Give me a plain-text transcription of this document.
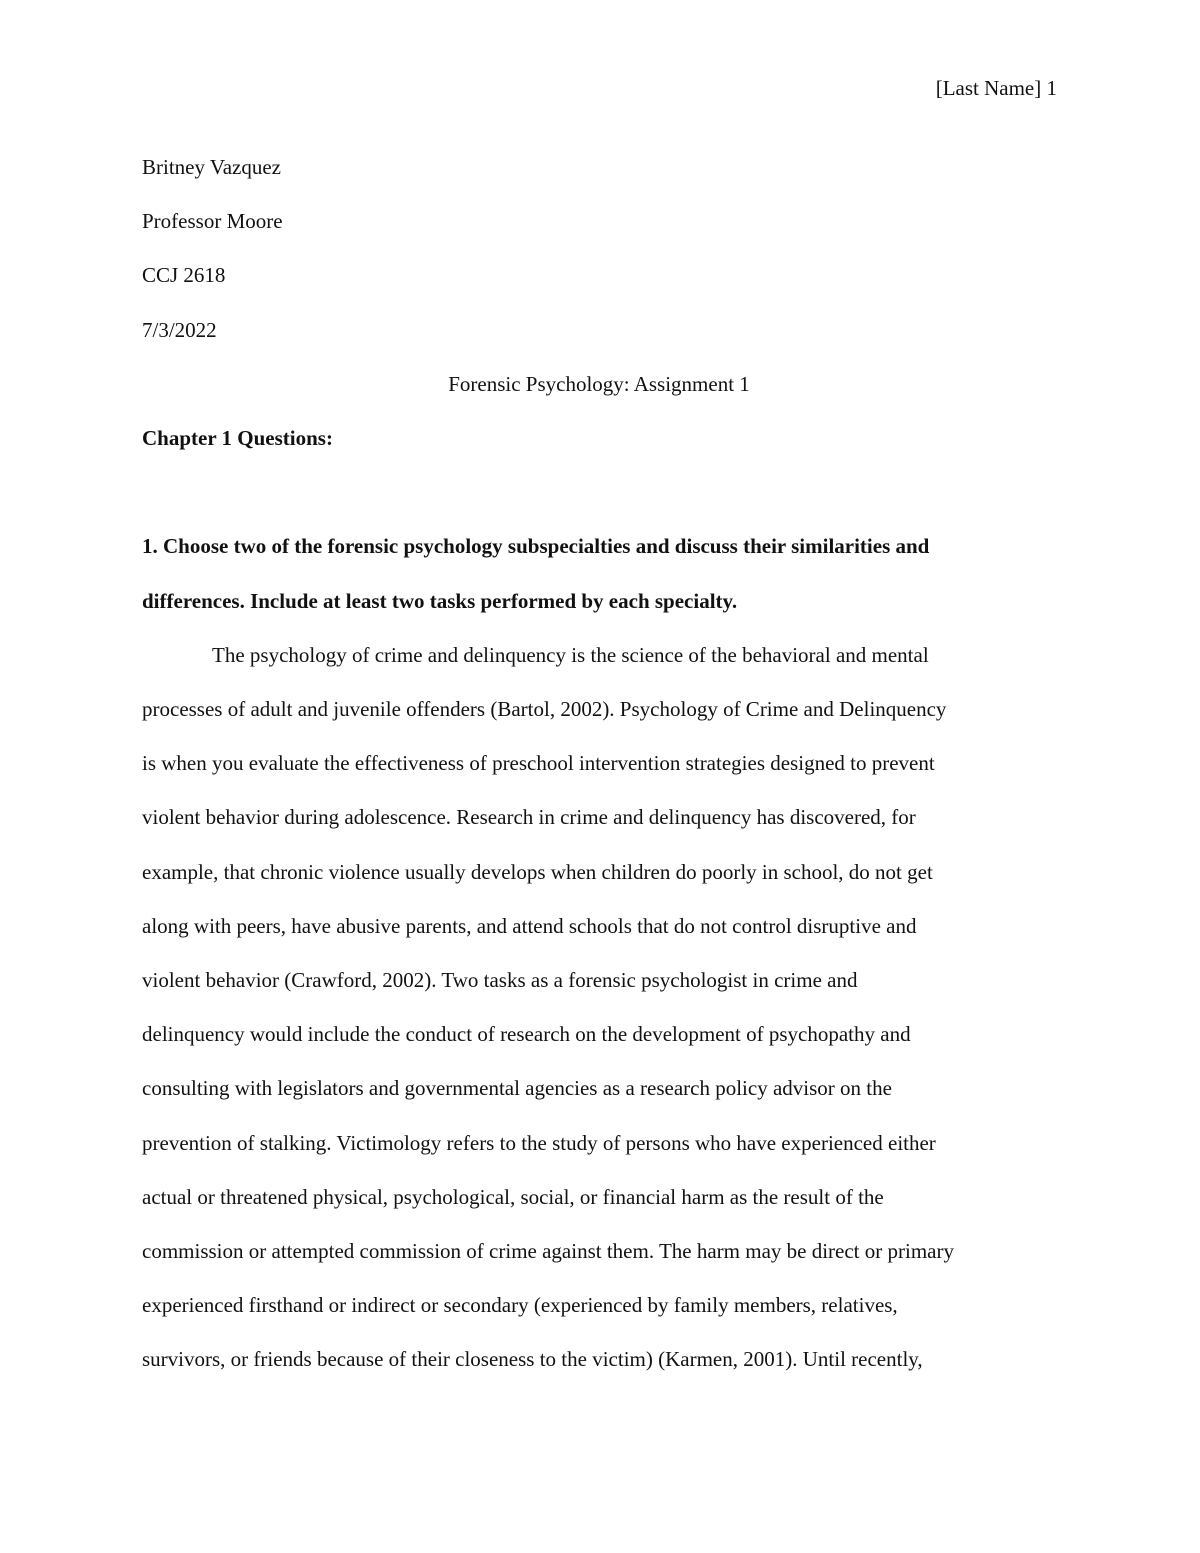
[Last Name] 1
Britney Vazquez
Professor Moore
CCJ 2618
7/3/2022
Forensic Psychology: Assignment 1
Chapter 1 Questions:
1. Choose two of the forensic psychology subspecialties and discuss their similarities and
differences. Include at least two tasks performed by each specialty.
The psychology of crime and delinquency is the science of the behavioral and mental
processes of adult and juvenile offenders (Bartol, 2002). Psychology of Crime and Delinquency
is when you evaluate the effectiveness of preschool intervention strategies designed to prevent
violent behavior during adolescence. Research in crime and delinquency has discovered, for
example, that chronic violence usually develops when children do poorly in school, do not get
along with peers, have abusive parents, and attend schools that do not control disruptive and
violent behavior (Crawford, 2002). Two tasks as a forensic psychologist in crime and
delinquency would include the conduct of research on the development of psychopathy and
consulting with legislators and governmental agencies as a research policy advisor on the
prevention of stalking. Victimology refers to the study of persons who have experienced either
actual or threatened physical, psychological, social, or financial harm as the result of the
commission or attempted commission of crime against them. The harm may be direct or primary
experienced firsthand or indirect or secondary (experienced by family members, relatives,
survivors, or friends because of their closeness to the victim) (Karmen, 2001). Until recently,
